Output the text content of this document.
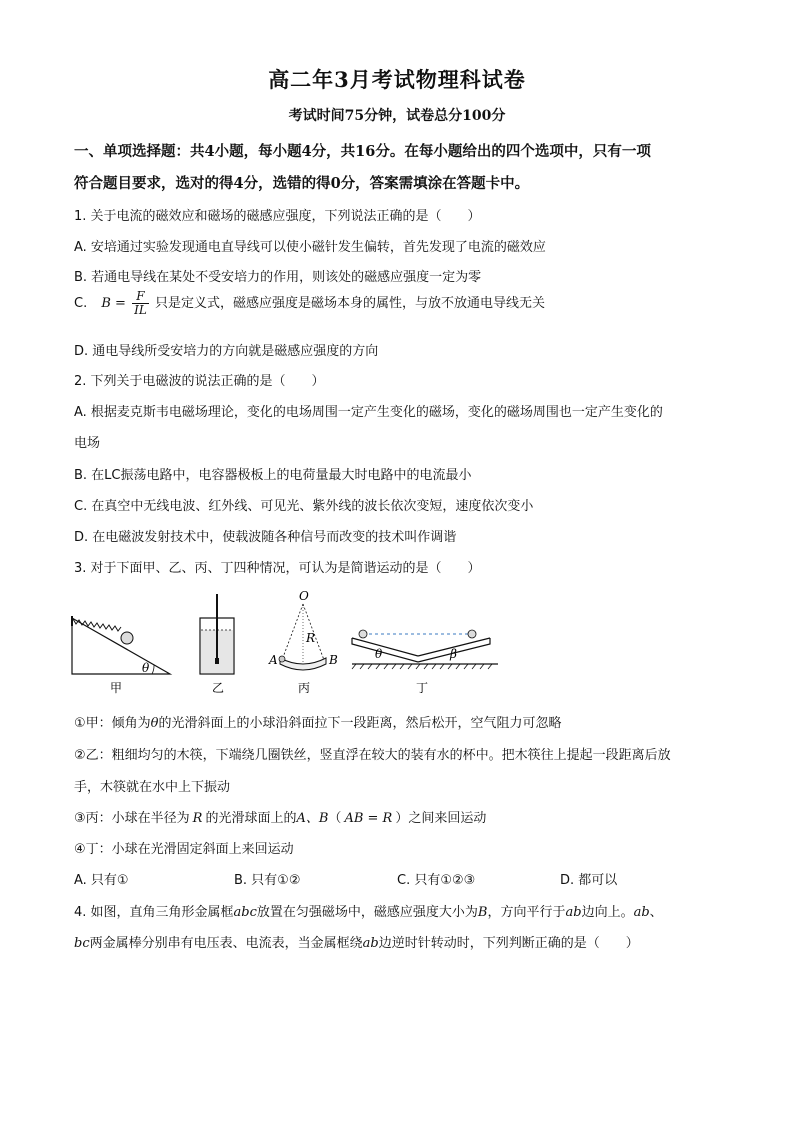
高二年3月考试物理科试卷
考试时间75分钟，试卷总分100分
一、单项选择题：共4小题，每小题4分，共16分。在每小题给出的四个选项中，只有一项
符合题目要求，选对的得4分，选错的得0分，答案需填涂在答题卡中。
1. 关于电流的磁效应和磁场的磁感应强度，下列说法正确的是（　　）
A. 安培通过实验发现通电直导线可以使小磁针发生偏转，首先发现了电流的磁效应
B. 若通电导线在某处不受安培力的作用，则该处的磁感应强度一定为零
C. $B = \frac{F}{IL}$ 只是定义式，磁感应强度是磁场本身的属性，与放不放通电导线无关
D. 通电导线所受安培力的方向就是磁感应强度的方向
2. 下列关于电磁波的说法正确的是（　　）
A. 根据麦克斯韦电磁场理论，变化的电场周围一定产生变化的磁场，变化的磁场周围也一定产生变化的
电场
B. 在LC振荡电路中，电容器极板上的电荷量最大时电路中的电流最小
C. 在真空中无线电波、红外线、可见光、紫外线的波长依次变短，速度依次变小
D. 在电磁波发射技术中，使载波随各种信号而改变的技术叫作调谐
3. 对于下面甲、乙、丙、丁四种情况，可认为是简谐运动的是（　　）
θ
甲	乙
O
R
A	B
丙
θ	β
丁
①甲：倾角为θ的光滑斜面上的小球沿斜面拉下一段距离，然后松开，空气阻力可忽略
②乙：粗细均匀的木筷，下端绕几圈铁丝，竖直浮在较大的装有水的杯中。把木筷往上提起一段距离后放
手，木筷就在水中上下振动
③丙：小球在半径为 R 的光滑球面上的A、B（ AB = R ）之间来回运动
④丁：小球在光滑固定斜面上来回运动
A. 只有①	B. 只有①②	C. 只有①②③	D. 都可以
4. 如图，直角三角形金属框abc放置在匀强磁场中，磁感应强度大小为B，方向平行于ab边向上。ab、
bc两金属棒分别串有电压表、电流表，当金属框绕ab边逆时针转动时，下列判断正确的是（　　）
